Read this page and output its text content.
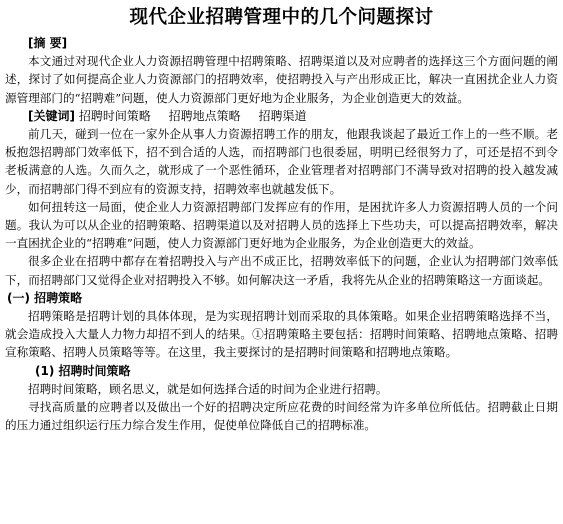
现代企业招聘管理中的几个问题探讨
[摘 要]

本文通过对现代企业人力资源招聘管理中招聘策略、招聘渠道以及对应聘者的选择这三个方面问题的阐述，探讨了如何提高企业人力资源部门的招聘效率，使招聘投入与产出形成正比，解决一直困扰企业人力资源管理部门的“招聘难”问题，使人力资源部门更好地为企业服务，为企业创造更大的效益。

[关键词] 招聘时间策略 招聘地点策略 招聘渠道

前几天，碰到一位在一家外企从事人力资源招聘工作的朋友，他跟我谈起了最近工作上的一些不顺。老板抱怨招聘部门效率低下，招不到合适的人选，而招聘部门也很委屈，明明已经很努力了，可还是招不到令老板满意的人选。久而久之，就形成了一个恶性循环，企业管理者对招聘部门不满导致对招聘的投入越发减少，而招聘部门得不到应有的资源支持，招聘效率也就越发低下。

如何扭转这一局面，使企业人力资源招聘部门发挥应有的作用，是困扰许多人力资源招聘人员的一个问题。我认为可以从企业的招聘策略、招聘渠道以及对招聘人员的选择上下些功夫，可以提高招聘效率，解决一直困扰企业的“招聘难”问题，使人力资源部门更好地为企业服务，为企业创造更大的效益。

很多企业在招聘中都存在着招聘投入与产出不成正比，招聘效率低下的问题，企业认为招聘部门效率低下，而招聘部门又觉得企业对招聘投入不够。如何解决这一矛盾，我将先从企业的招聘策略这一方面谈起。

(一) 招聘策略

招聘策略是招聘计划的具体体现，是为实现招聘计划而采取的具体策略。如果企业招聘策略选择不当，就会造成投入大量人力物力却招不到人的结果。①招聘策略主要包括：招聘时间策略、招聘地点策略、招聘宣称策略、招聘人员策略等等。在这里，我主要探讨的是招聘时间策略和招聘地点策略。

(1) 招聘时间策略

招聘时间策略，顾名思义，就是如何选择合适的时间为企业进行招聘。

寻找高质量的应聘者以及做出一个好的招聘决定所应花费的时间经常为许多单位所低估。招聘截止日期的压力通过组织运行压力综合发生作用，促使单位降低自己的招聘标准。
